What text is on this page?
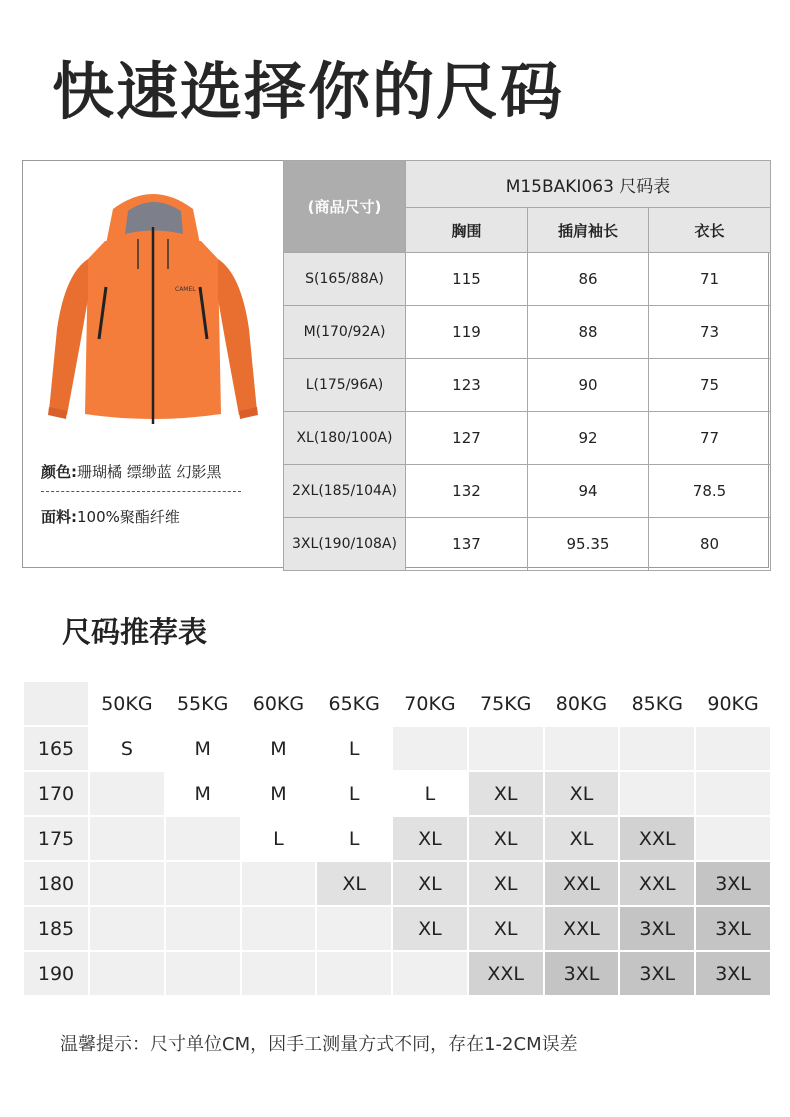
快速选择你的尺码
CAMEL
颜色:珊瑚橘 缥缈蓝 幻影黑
面料:100%聚酯纤维
(商品尺寸)	M15BAKI063 尺码表		
	胸围	插肩袖长	衣长
S(165/88A)	115	86	71
M(170/92A)	119	88	73
L(175/96A)	123	90	75
XL(180/100A)	127	92	77
2XL(185/104A)	132	94	78.5
3XL(190/108A)	137	95.35	80
尺码推荐表
	50KG	55KG	60KG	65KG	70KG	75KG	80KG	85KG	90KG
165	S	M	M	L					
170		M	M	L	L	XL	XL		
175			L	L	XL	XL	XL	XXL	
180				XL	XL	XL	XXL	XXL	3XL
185					XL	XL	XXL	3XL	3XL
190						XXL	3XL	3XL	3XL
温馨提示：尺寸单位CM，因手工测量方式不同，存在1-2CM误差
